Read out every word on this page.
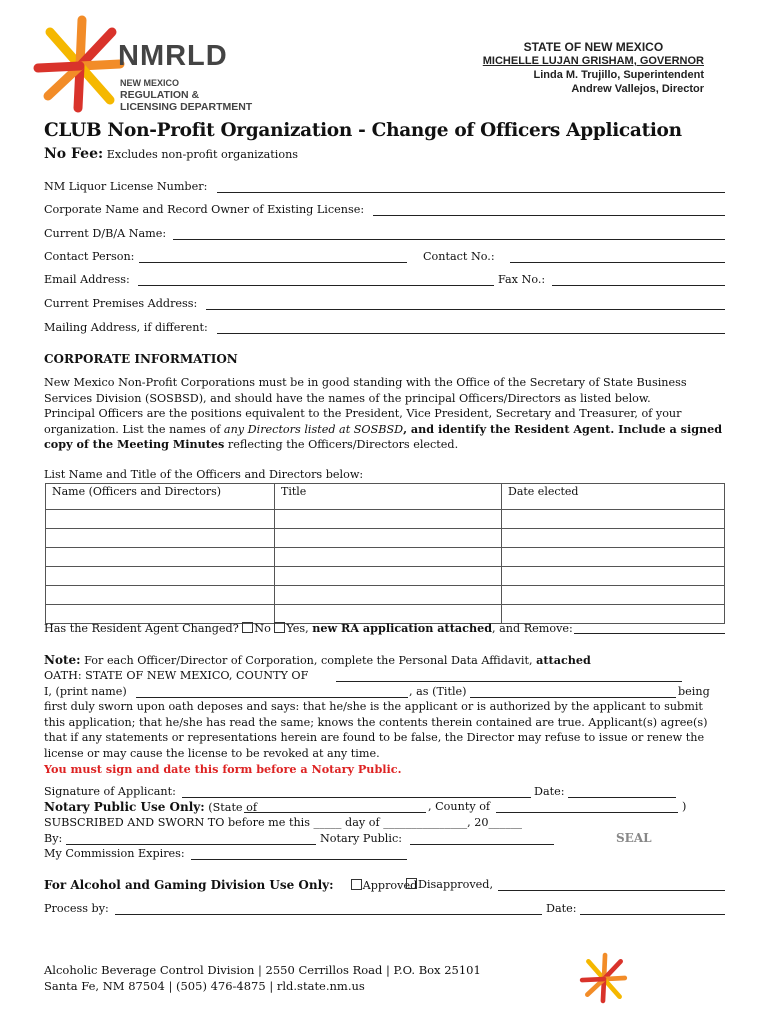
NMRLD
NEW MEXICO
REGULATION &
LICENSING DEPARTMENT
STATE OF NEW MEXICO
MICHELLE LUJAN GRISHAM, GOVERNOR
Linda M. Trujillo, Superintendent
Andrew Vallejos, Director
CLUB Non-Profit Organization - Change of Officers Application
No Fee: Excludes non-profit organizations
NM Liquor License Number:
Corporate Name and Record Owner of Existing License:
Current D/B/A Name:
Contact Person:	Contact No.:
Email Address:	Fax No.:
Current Premises Address:
Mailing Address, if different:
CORPORATE INFORMATION
New Mexico Non-Profit Corporations must be in good standing with the Office of the Secretary of State Business
Services Division (SOSBSD), and should have the names of the principal Officers/Directors as listed below.
Principal Officers are the positions equivalent to the President, Vice President, Secretary and Treasurer, of your
organization. List the names of any Directors listed at SOSBSD, and identify the Resident Agent. Include a signed
copy of the Meeting Minutes reflecting the Officers/Directors elected.
List Name and Title of the Officers and Directors below:
Name (Officers and Directors)	Title	Date elected

Has the Resident Agent Changed? No Yes, new RA application attached, and Remove:
Note: For each Officer/Director of Corporation, complete the Personal Data Affidavit, attached
OATH: STATE OF NEW MEXICO, COUNTY OF
I, (print name)	, as (Title)	being
first duly sworn upon oath deposes and says: that he/she is the applicant or is authorized by the applicant to submit
this application; that he/she has read the same; knows the contents therein contained are true. Applicant(s) agree(s)
that if any statements or representations herein are found to be false, the Director may refuse to issue or renew the
license or may cause the license to be revoked at any time.
You must sign and date this form before a Notary Public.
Signature of Applicant:	Date:
Notary Public Use Only: (State of	, County of	)
SUBSCRIBED AND SWORN TO before me this _____ day of _______________, 20______
By:	Notary Public:	SEAL
My Commission Expires:
For Alcohol and Gaming Division Use Only:	Approved Disapproved,
Process by:	Date:
Alcoholic Beverage Control Division | 2550 Cerrillos Road | P.O. Box 25101
Santa Fe, NM 87504 | (505) 476-4875 | rld.state.nm.us
